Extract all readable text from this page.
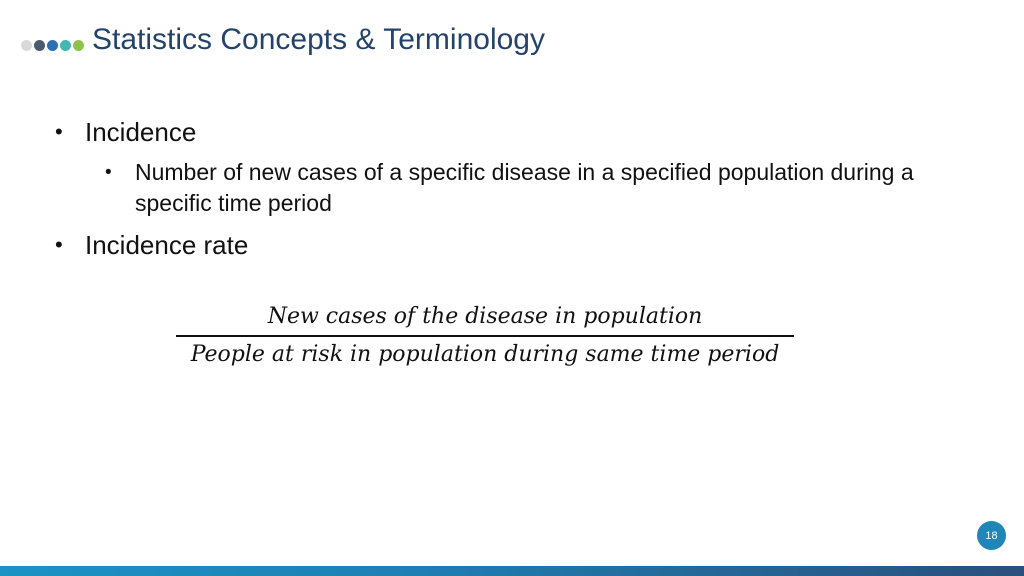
Statistics Concepts & Terminology
• Incidence
•	Number of new cases of a specific disease in a specified population during a specific time period
• Incidence rate
New cases of the disease in population
People at risk in population during same time period
18
